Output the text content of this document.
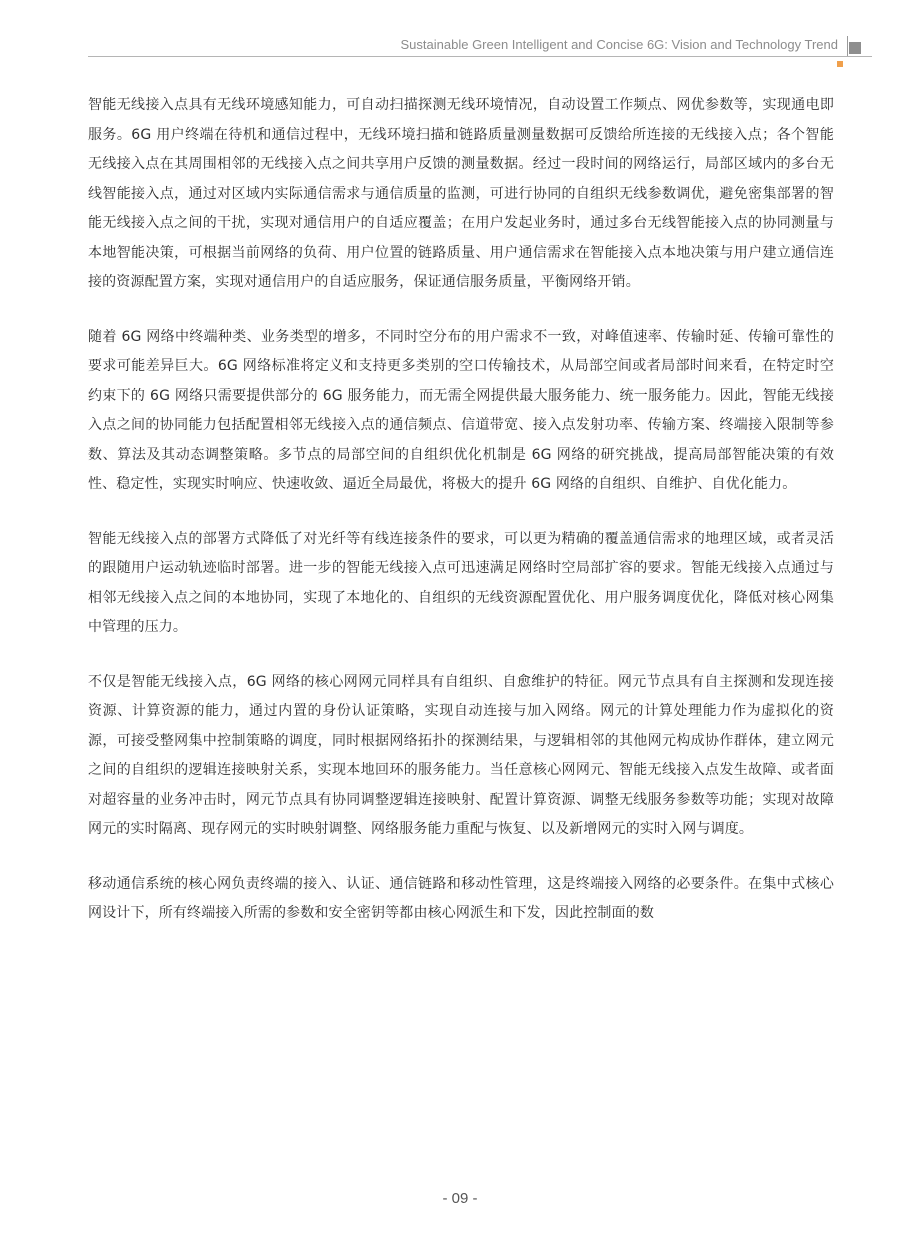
Sustainable Green Intelligent and Concise 6G: Vision and Technology Trend

智能无线接入点具有无线环境感知能力，可自动扫描探测无线环境情况，自动设置工作频点、网优参数等，实现通电即服务。6G 用户终端在待机和通信过程中，无线环境扫描和链路质量测量数据可反馈给所连接的无线接入点；各个智能无线接入点在其周围相邻的无线接入点之间共享用户反馈的测量数据。经过一段时间的网络运行，局部区域内的多台无线智能接入点，通过对区域内实际通信需求与通信质量的监测，可进行协同的自组织无线参数调优，避免密集部署的智能无线接入点之间的干扰，实现对通信用户的自适应覆盖；在用户发起业务时，通过多台无线智能接入点的协同测量与本地智能决策，可根据当前网络的负荷、用户位置的链路质量、用户通信需求在智能接入点本地决策与用户建立通信连接的资源配置方案，实现对通信用户的自适应服务，保证通信服务质量，平衡网络开销。

随着 6G 网络中终端种类、业务类型的增多，不同时空分布的用户需求不一致，对峰值速率、传输时延、传输可靠性的要求可能差异巨大。6G 网络标准将定义和支持更多类别的空口传输技术，从局部空间或者局部时间来看，在特定时空约束下的 6G 网络只需要提供部分的 6G 服务能力，而无需全网提供最大服务能力、统一服务能力。因此，智能无线接入点之间的协同能力包括配置相邻无线接入点的通信频点、信道带宽、接入点发射功率、传输方案、终端接入限制等参数、算法及其动态调整策略。多节点的局部空间的自组织优化机制是 6G 网络的研究挑战，提高局部智能决策的有效性、稳定性，实现实时响应、快速收敛、逼近全局最优，将极大的提升 6G 网络的自组织、自维护、自优化能力。

智能无线接入点的部署方式降低了对光纤等有线连接条件的要求，可以更为精确的覆盖通信需求的地理区域，或者灵活的跟随用户运动轨迹临时部署。进一步的智能无线接入点可迅速满足网络时空局部扩容的要求。智能无线接入点通过与相邻无线接入点之间的本地协同，实现了本地化的、自组织的无线资源配置优化、用户服务调度优化，降低对核心网集中管理的压力。

不仅是智能无线接入点，6G 网络的核心网网元同样具有自组织、自愈维护的特征。网元节点具有自主探测和发现连接资源、计算资源的能力，通过内置的身份认证策略，实现自动连接与加入网络。网元的计算处理能力作为虚拟化的资源，可接受整网集中控制策略的调度，同时根据网络拓扑的探测结果，与逻辑相邻的其他网元构成协作群体，建立网元之间的自组织的逻辑连接映射关系，实现本地回环的服务能力。当任意核心网网元、智能无线接入点发生故障、或者面对超容量的业务冲击时，网元节点具有协同调整逻辑连接映射、配置计算资源、调整无线服务参数等功能；实现对故障网元的实时隔离、现存网元的实时映射调整、网络服务能力重配与恢复、以及新增网元的实时入网与调度。

移动通信系统的核心网负责终端的接入、认证、通信链路和移动性管理，这是终端接入网络的必要条件。在集中式核心网设计下，所有终端接入所需的参数和安全密钥等都由核心网派生和下发，因此控制面的数

- 09 -
